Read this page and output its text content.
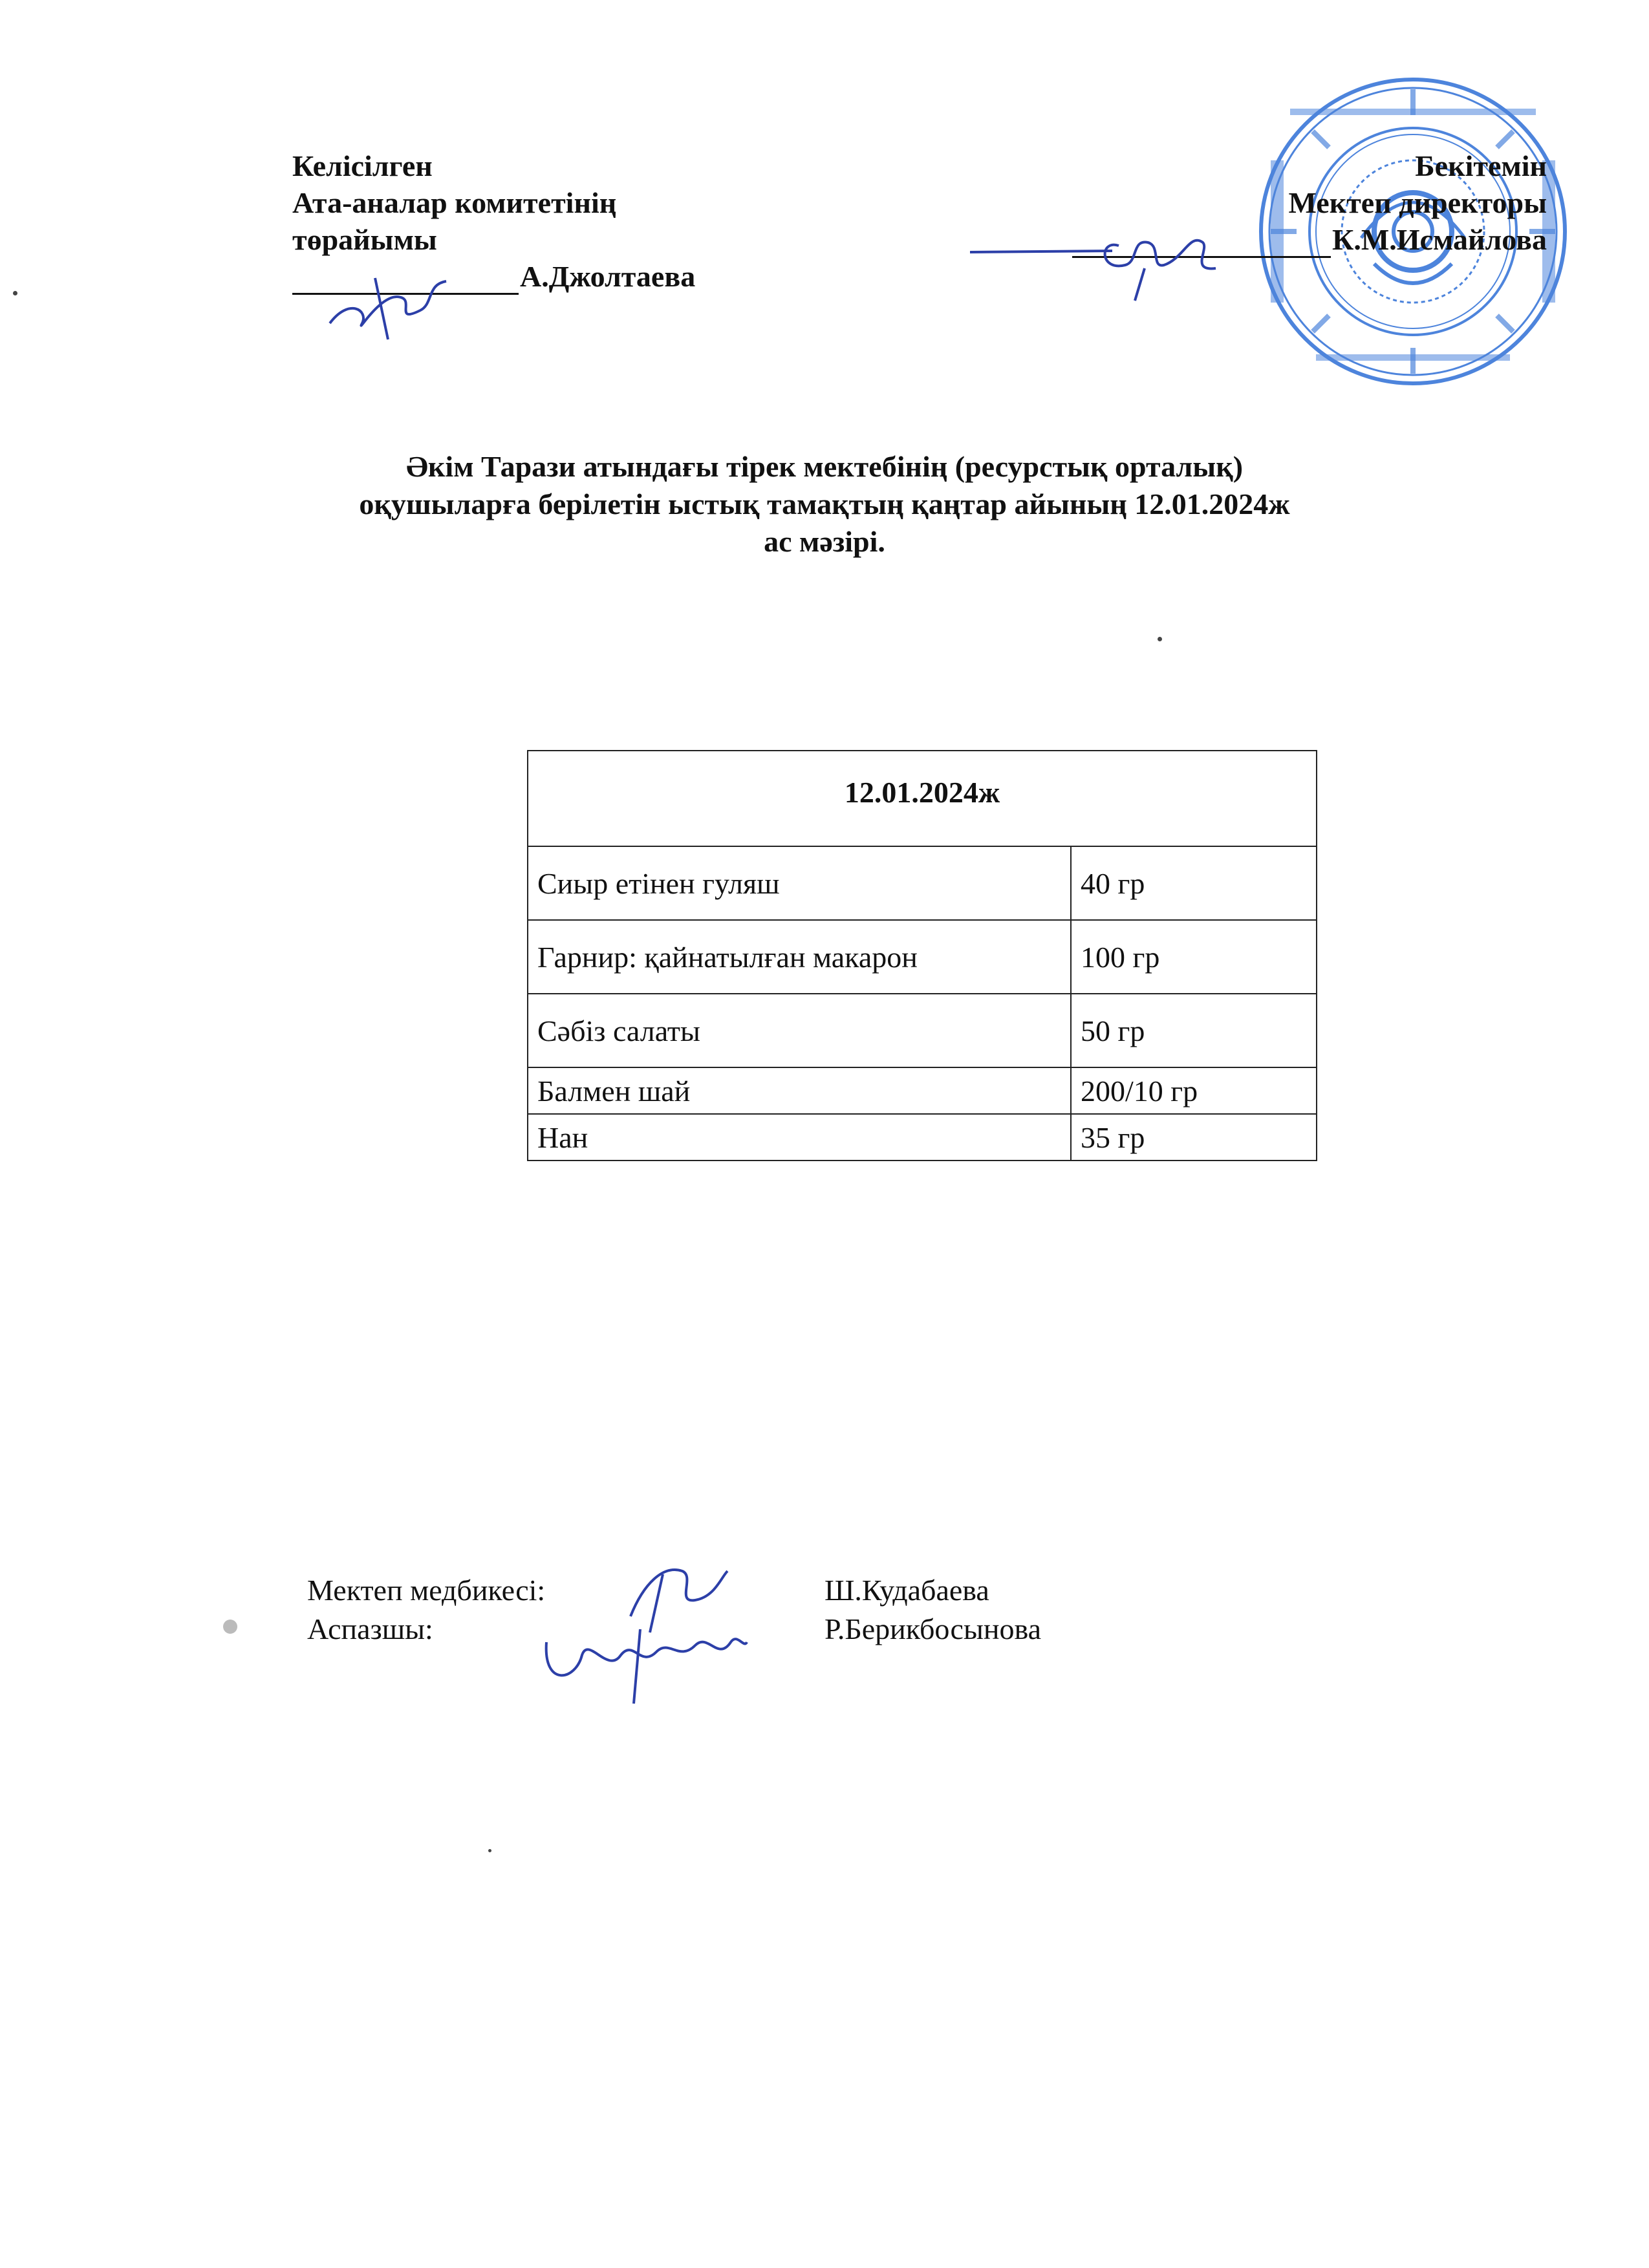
Келісілген
Ата-аналар комитетінің
төрайымы
А.Джолтаева
Бекітемін
Мектеп директоры
К.М.Исмайлова
Әкім Тарази атындағы тірек мектебінің (ресурстық орталық)
оқушыларға берілетін ыстық тамақтың қаңтар айының 12.01.2024ж
ас мәзірі.
12.01.2024ж	
Сиыр етінен гуляш	40 гр
Гарнир: қайнатылған макарон	100 гр
Сәбіз салаты	50 гр
Балмен шай	200/10 гр
Нан	35 гр
Мектеп медбикесі:	Ш.Кудабаева
Аспазшы:	Р.Берикбосынова
